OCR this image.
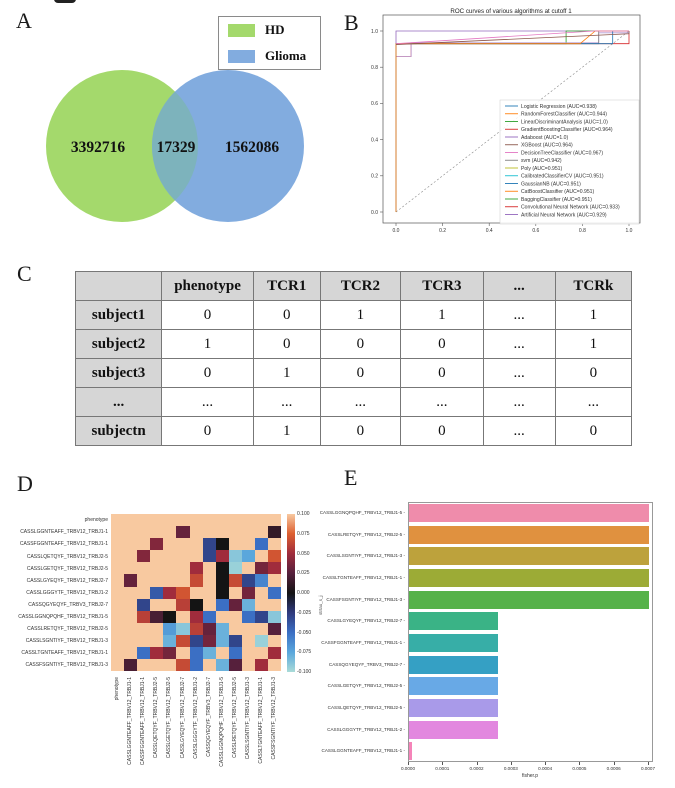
A	B
C
D	E
HD
Glioma
3392716 17329 1562086
ROC curves of various algorithms at cutoff 1
0.0	0.2	0.4	0.6	0.8	1.0
0.0
0.2
0.4
0.6
0.8
1.0
Logistic Regression (AUC=0.938)
RandomForestClassifier (AUC=0.944)
LinearDiscriminantAnalysis (AUC=1.0)
GradientBoostingClassifier (AUC=0.964)
Adaboost (AUC=1.0)
XGBoost (AUC=0.964)
DecisionTreeClassifier (AUC=0.967)
svm (AUC=0.942)
Poly (AUC=0.951)
CalibratedClassifierCV (AUC=0.951)
GaussianNB (AUC=0.951)
CatBoostClassifier (AUC=0.951)
BaggingClassifier (AUC=0.951)
Convolutional Neural Network (AUC=0.933)
Artificial Neural Network (AUC=0.929)
	phenotype	TCR1	TCR2	TCR3	...	TCRk
subject1	0	0	1	1	...	1
subject2	1	0	0	0	...	1
subject3	0	1	0	0	...	0
...	...	...	...	...	...	...
subjectn	0	1	0	0	...	0
phenotype
phenotype
CASSLGGNTEAFF_TRBV12_TRBJ1-1
CASSLGGNTEAFF_TRBV12_TRBJ1-1
CASSFGGNTEAFF_TRBV12_TRBJ1-1
CASSFGGNTEAFF_TRBV12_TRBJ1-1
CASSLQETQYF_TRBV12_TRBJ2-5
CASSLQETQYF_TRBV12_TRBJ2-5
CASSLGETQYF_TRBV12_TRBJ2-5
CASSLGETQYF_TRBV12_TRBJ2-5
CASSLGYEQYF_TRBV12_TRBJ2-7
CASSLGYEQYF_TRBV12_TRBJ2-7
CASSLGGGYTF_TRBV12_TRBJ1-2
CASSLGGGYTF_TRBV12_TRBJ1-2
CASSQGYEQYF_TRBV3_TRBJ2-7
CASSQGYEQYF_TRBV3_TRBJ2-7
CASSLGGNQPQHF_TRBV12_TRBJ1-5
CASSLGGNQPQHF_TRBV12_TRBJ1-5
CASSLRETQYF_TRBV12_TRBJ2-5
CASSLRETQYF_TRBV12_TRBJ2-5
CASSLSGNTIYF_TRBV12_TRBJ1-3
CASSLSGNTIYF_TRBV12_TRBJ1-3
CASSLTGNTEAFF_TRBV12_TRBJ1-1
CASSLTGNTEAFF_TRBV12_TRBJ1-1
CASSFSGNTIYF_TRBV12_TRBJ1-3
CASSFSGNTIYF_TRBV12_TRBJ1-3
0.100
0.075
0.050
0.025
0.000
-0.025
-0.050
-0.075
-0.100
strtau_s_j
fisher.p
CASSLGGNQPQHF_TRBV12_TRBJ1-5 -
CASSLRETQYF_TRBV12_TRBJ2-5 -
CASSLSGNTIYF_TRBV12_TRBJ1-3 -
CASSLTGNTEAFF_TRBV12_TRBJ1-1 -
CASSFSGNTIYF_TRBV12_TRBJ1-3 -
CASSLGYEQYF_TRBV12_TRBJ2-7 -
CASSFGGNTEAFF_TRBV12_TRBJ1-1 -
CASSQGYEQYF_TRBV3_TRBJ2-7 -
CASSLGETQYF_TRBV12_TRBJ2-5 -
CASSLQETQYF_TRBV12_TRBJ2-5 -
CASSLGGGYTF_TRBV12_TRBJ1-2 -
CASSLGGNTEAFF_TRBV12_TRBJ1-1 -
0.0000	0.0001	0.0002	0.0003	0.0004	0.0005	0.0006	0.0007
